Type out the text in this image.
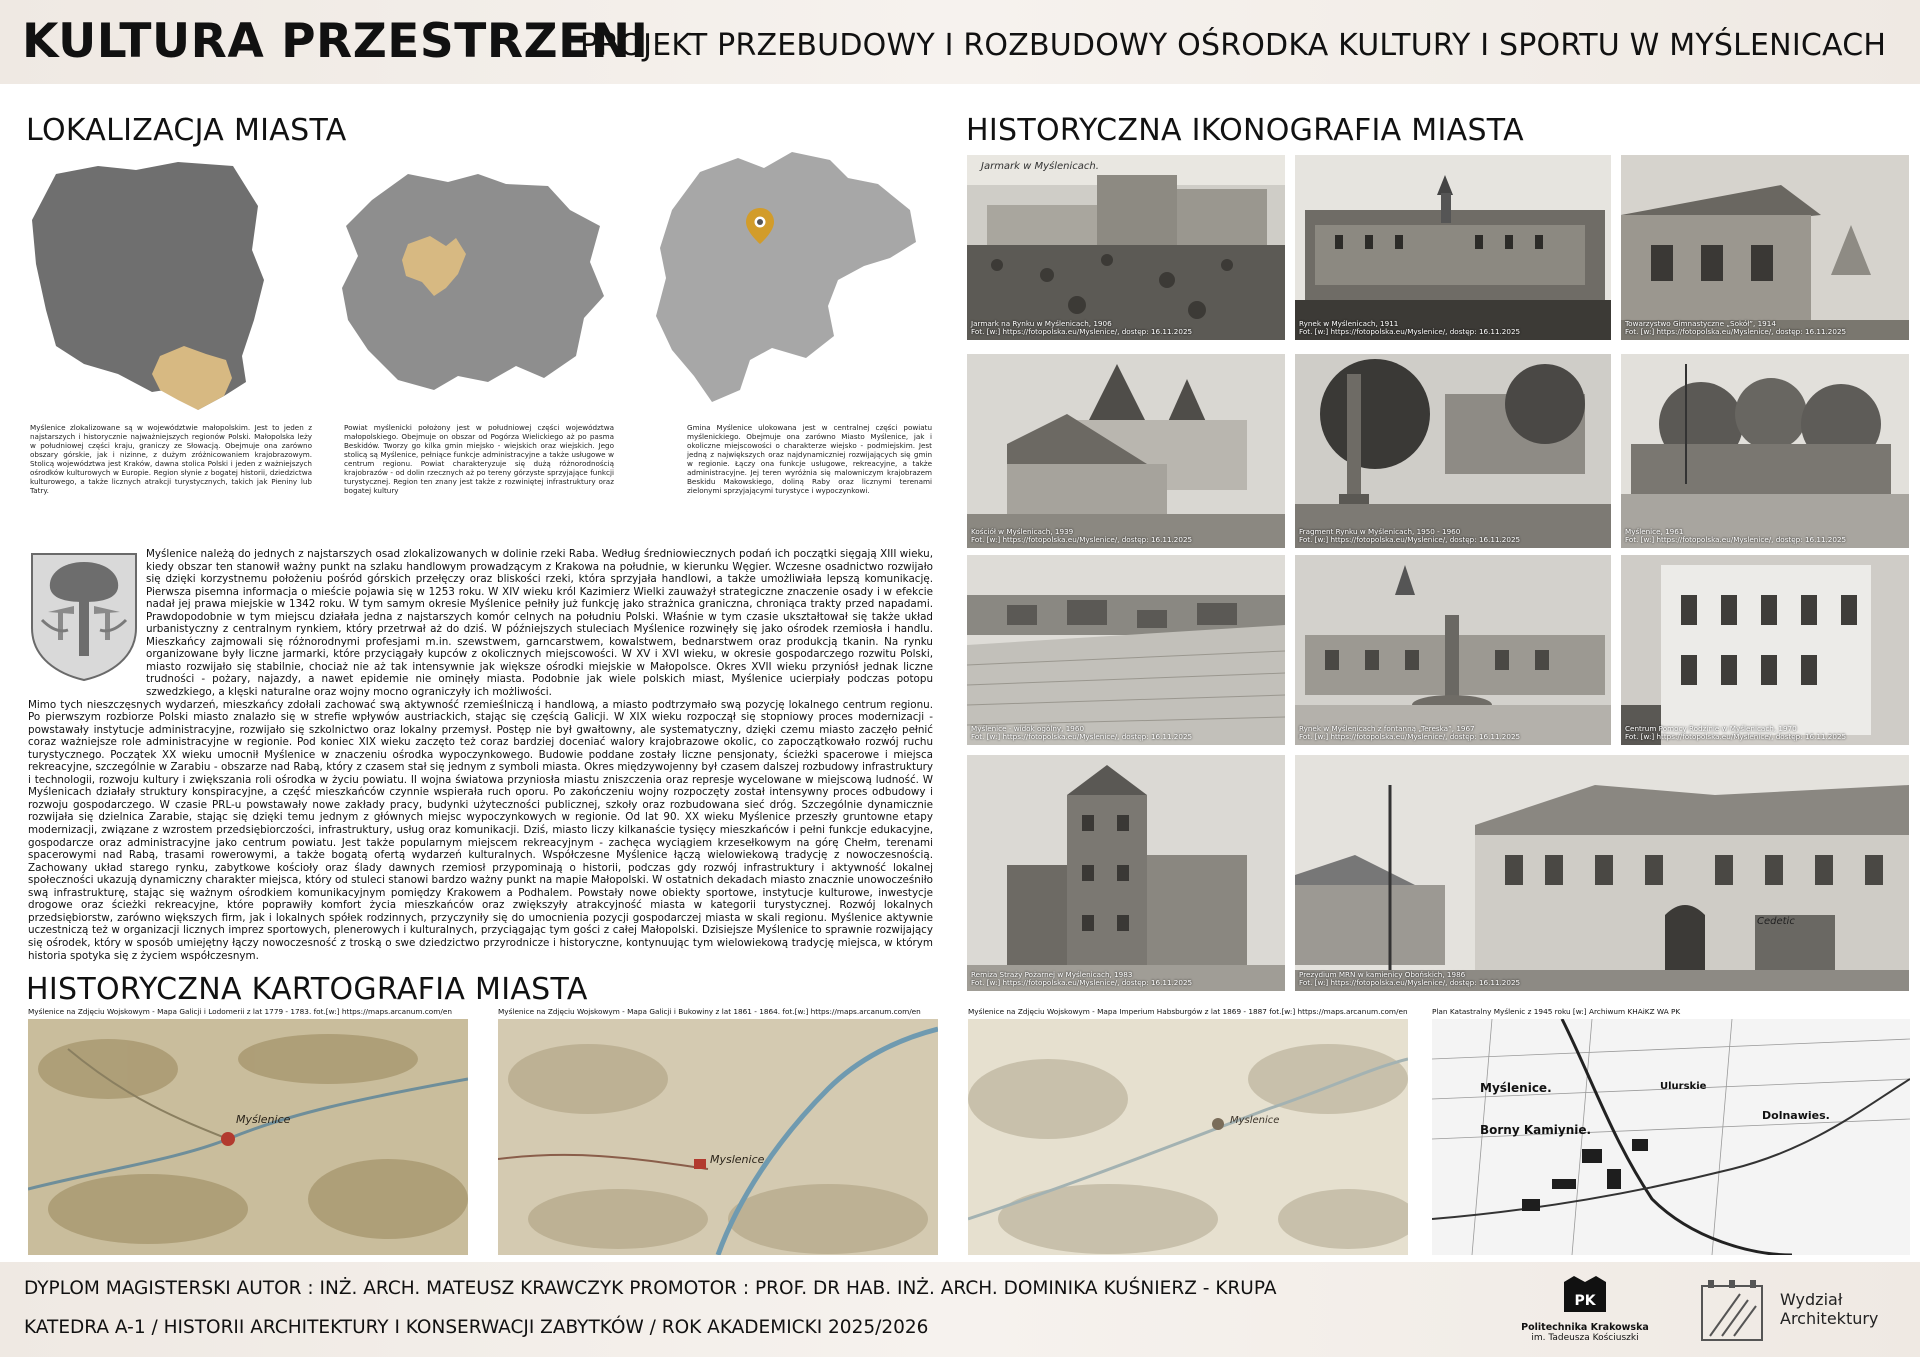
KULTURA PRZESTRZENI
PROJEKT PRZEBUDOWY I ROZBUDOWY OŚRODKA KULTURY I SPORTU W MYŚLENICACH
LOKALIZACJA MIASTA
Myślenice zlokalizowane są w województwie małopolskim. Jest to jeden z najstarszych i historycznie najważniejszych regionów Polski. Małopolska leży w południowej części kraju, graniczy ze Słowacją. Obejmuje ona zarówno obszary górskie, jak i nizinne, z dużym zróżnicowaniem krajobrazowym. Stolicą województwa jest Kraków, dawna stolica Polski i jeden z ważniejszych ośrodków kulturowych w Europie. Region słynie z bogatej historii, dziedzictwa kulturowego, a także licznych atrakcji turystycznych, takich jak Pieniny lub Tatry.
Powiat myślenicki położony jest w południowej części województwa małopolskiego. Obejmuje on obszar od Pogórza Wielickiego aż po pasma Beskidów. Tworzy go kilka gmin miejsko - wiejskich oraz wiejskich. Jego stolicą są Myślenice, pełniące funkcje administracyjne a także usługowe w centrum regionu. Powiat charakteryzuje się dużą różnorodnością krajobrazów - od dolin rzecznych aż po tereny górzyste sprzyjające funkcji turystycznej. Region ten znany jest także z rozwiniętej infrastruktury oraz bogatej kultury
Gmina Myślenice ulokowana jest w centralnej części powiatu myślenickiego. Obejmuje ona zarówno Miasto Myślenice, jak i okoliczne miejscowości o charakterze wiejsko - podmiejskim. Jest jedną z największych oraz najdynamiczniej rozwijających się gmin w regionie. Łączy ona funkcje usługowe, rekreacyjne, a także administracyjne. Jej teren wyróżnia się malowniczym krajobrazem Beskidu Makowskiego, doliną Raby oraz licznymi terenami zielonymi sprzyjającymi turystyce i wypoczynkowi.
Myślenice należą do jednych z najstarszych osad zlokalizowanych w dolinie rzeki Raba. Według średniowiecznych podań ich początki sięgają XIII wieku, kiedy obszar ten stanowił ważny punkt na szlaku handlowym prowadzącym z Krakowa na południe, w kierunku Węgier. Wczesne osadnictwo rozwijało się dzięki korzystnemu położeniu pośród górskich przełęczy oraz bliskości rzeki, która sprzyjała handlowi, a także umożliwiała lepszą komunikację. Pierwsza pisemna informacja o mieście pojawia się w 1253 roku. W XIV wieku król Kazimierz Wielki zauważył strategiczne znaczenie osady i w efekcie nadał jej prawa miejskie w 1342 roku. W tym samym okresie Myślenice pełniły już funkcję jako strażnica graniczna, chroniąca trakty przed napadami. Prawdopodobnie w tym miejscu działała jedna z najstarszych komór celnych na południu Polski. Właśnie w tym czasie ukształtował się także układ urbanistyczny z centralnym rynkiem, który przetrwał aż do dziś. W późniejszych stuleciach Myślenice rozwinęły się jako ośrodek rzemiosła i handlu. Mieszkańcy zajmowali się różnorodnymi profesjami m.in. szewstwem, garncarstwem, kowalstwem, bednarstwem oraz produkcją tkanin. Na rynku organizowane były liczne jarmarki, które przyciągały kupców z okolicznych miejscowości. W XV i XVI wieku, w okresie gospodarczego rozwitu Polski, miasto rozwijało się stabilnie, chociaż nie aż tak intensywnie jak większe ośrodki miejskie w Małopolsce. Okres XVII wieku przyniósł jednak liczne trudności - pożary, najazdy, a nawet epidemie nie ominęły miasta. Podobnie jak wiele polskich miast, Myślenice ucierpiały podczas potopu szwedzkiego, a klęski naturalne oraz wojny mocno ograniczyły ich możliwości.
Mimo tych nieszczęsnych wydarzeń, mieszkańcy zdołali zachować swą aktywność rzemieślniczą i handlową, a miasto podtrzymało swą pozycję lokalnego centrum regionu. Po pierwszym rozbiorze Polski miasto znalazło się w strefie wpływów austriackich, stając się częścią Galicji. W XIX wieku rozpoczął się stopniowy proces modernizacji - powstawały instytucje administracyjne, rozwijało się szkolnictwo oraz lokalny przemysł. Postęp nie był gwałtowny, ale systematyczny, dzięki czemu miasto zaczęło pełnić coraz ważniejsze role administracyjne w regionie. Pod koniec XIX wieku zaczęto też coraz bardziej doceniać walory krajobrazowe okolic, co zapoczątkowało rozwój ruchu turystycznego. Początek XX wieku umocnił Myślenice w znaczeniu ośrodka wypoczynkowego. Budowie poddane zostały liczne pensjonaty, ścieżki spacerowe i miejsca rekreacyjne, szczególnie w Zarabiu - obszarze nad Rabą, który z czasem stał się jednym z symboli miasta. Okres międzywojenny był czasem dalszej rozbudowy infrastruktury i technologii, rozwoju kultury i zwiększania roli ośrodka w życiu powiatu. II wojna światowa przyniosła miastu zniszczenia oraz represje wycelowane w miejscową ludność. W Myślenicach działały struktury konspiracyjne, a część mieszkańców czynnie wspierała ruch oporu. Po zakończeniu wojny rozpoczęty został intensywny proces odbudowy i rozwoju gospodarczego. W czasie PRL-u powstawały nowe zakłady pracy, budynki użyteczności publicznej, szkoły oraz rozbudowana sieć dróg. Szczególnie dynamicznie rozwijała się dzielnica Zarabie, stając się dzięki temu jednym z głównych miejsc wypoczynkowych w regionie. Od lat 90. XX wieku Myślenice przeszły gruntowne etapy modernizacji, związane z wzrostem przedsiębiorczości, infrastruktury, usług oraz komunikacji. Dziś, miasto liczy kilkanaście tysięcy mieszkańców i pełni funkcje edukacyjne, gospodarcze oraz administracyjne jako centrum powiatu. Jest także popularnym miejscem rekreacyjnym - zachęca wyciągiem krzesełkowym na górę Chełm, terenami spacerowymi nad Rabą, trasami rowerowymi, a także bogatą ofertą wydarzeń kulturalnych. Współczesne Myślenice łączą wielowiekową tradycję z nowoczesnością. Zachowany układ starego rynku, zabytkowe kościoły oraz ślady dawnych rzemiosł przypominają o historii, podczas gdy rozwój infrastruktury i aktywność lokalnej społeczności ukazują dynamiczny charakter miejsca, który od stuleci stanowi bardzo ważny punkt na mapie Małopolski. W ostatnich dekadach miasto znacznie unowocześniło swą infrastrukturę, stając się ważnym ośrodkiem komunikacyjnym pomiędzy Krakowem a Podhalem. Powstały nowe obiekty sportowe, instytucje kulturowe, inwestycje drogowe oraz ścieżki rekreacyjne, które poprawiły komfort życia mieszkańców oraz zwiększyły atrakcyjność miasta w kategorii turystycznej. Rozwój lokalnych przedsiębiorstw, zarówno większych firm, jak i lokalnych spółek rodzinnych, przyczyniły się do umocnienia pozycji gospodarczej miasta w skali regionu. Myślenice aktywnie uczestniczą też w organizacji licznych imprez sportowych, plenerowych i kulturalnych, przyciągając tym gości z całej Małopolski. Dzisiejsze Myślenice to sprawnie rozwijający się ośrodek, który w sposób umiejętny łączy nowoczesność z troską o swe dziedzictwo przyrodnicze i historyczne, kontynuując tym wielowiekową tradycję miejsca, w którym historia spotyka się z życiem współczesnym.
HISTORYCZNA IKONOGRAFIA MIASTA
Jarmark w Myślenicach.
Jarmark na Rynku w Myślenicach, 1906
Fot. [w:] https://fotopolska.eu/Myslenice/, dostęp: 16.11.2025
Rynek w Myślenicach, 1911
Fot. [w:] https://fotopolska.eu/Myslenice/, dostęp: 16.11.2025
Towarzystwo Gimnastyczne „Sokół”, 1914
Fot. [w:] https://fotopolska.eu/Myslenice/, dostęp: 16.11.2025
Kościół w Myślenicach, 1939
Fot. [w:] https://fotopolska.eu/Myslenice/, dostęp: 16.11.2025
Fragment Rynku w Myślenicach, 1950 - 1960
Fot. [w:] https://fotopolska.eu/Myslenice/, dostęp: 16.11.2025
Myślenice, 1961
Fot. [w:] https://fotopolska.eu/Myslenice/, dostęp: 16.11.2025
Myślenice - widok ogólny, 1960
Fot. [w:] https://fotopolska.eu/Myslenice/, dostęp: 16.11.2025
Rynek w Myślenicach z fontanną „Tereska”, 1967
Fot. [w:] https://fotopolska.eu/Myslenice/, dostęp: 16.11.2025
Centrum Pomocy Rodzinie w Myślenicach, 1970
Fot. [w:] https://fotopolska.eu/Myslenice/, dostęp: 16.11.2025
Remiza Straży Pożarnej w Myślenicach, 1983
Fot. [w:] https://fotopolska.eu/Myslenice/, dostęp: 16.11.2025
Cedetic
Prezydium MRN w kamienicy Obońskich, 1986
Fot. [w:] https://fotopolska.eu/Myslenice/, dostęp: 16.11.2025
HISTORYCZNA KARTOGRAFIA MIASTA
Myślenice na Zdjęciu Wojskowym - Mapa Galicji i Lodomerii z lat 1779 - 1783. fot.[w:] https://maps.arcanum.com/en	Myślenice na Zdjęciu Wojskowym - Mapa Galicji i Bukowiny z lat 1861 - 1864. fot.[w:] https://maps.arcanum.com/en	Myślenice na Zdjęciu Wojskowym - Mapa Imperium Habsburgów z lat 1869 - 1887 fot.[w:] https://maps.arcanum.com/en	Plan Katastralny Myślenic z 1945 roku [w:] Archiwum KHAiKZ WA PK
Myślenice
Myslenice
Myslenice
Myślenice.
Borny Kamiynie.
Dolnawies.
Ulurskie
DYPLOM MAGISTERSKI AUTOR : INŻ. ARCH. MATEUSZ KRAWCZYK PROMOTOR : PROF. DR HAB. INŻ. ARCH. DOMINIKA KUŚNIERZ - KRUPA
KATEDRA A-1 / HISTORII ARCHITEKTURY I KONSERWACJI ZABYTKÓW / ROK AKADEMICKI 2025/2026
PK
Politechnika Krakowska
im. Tadeusza Kościuszki
Wydział
Architektury
